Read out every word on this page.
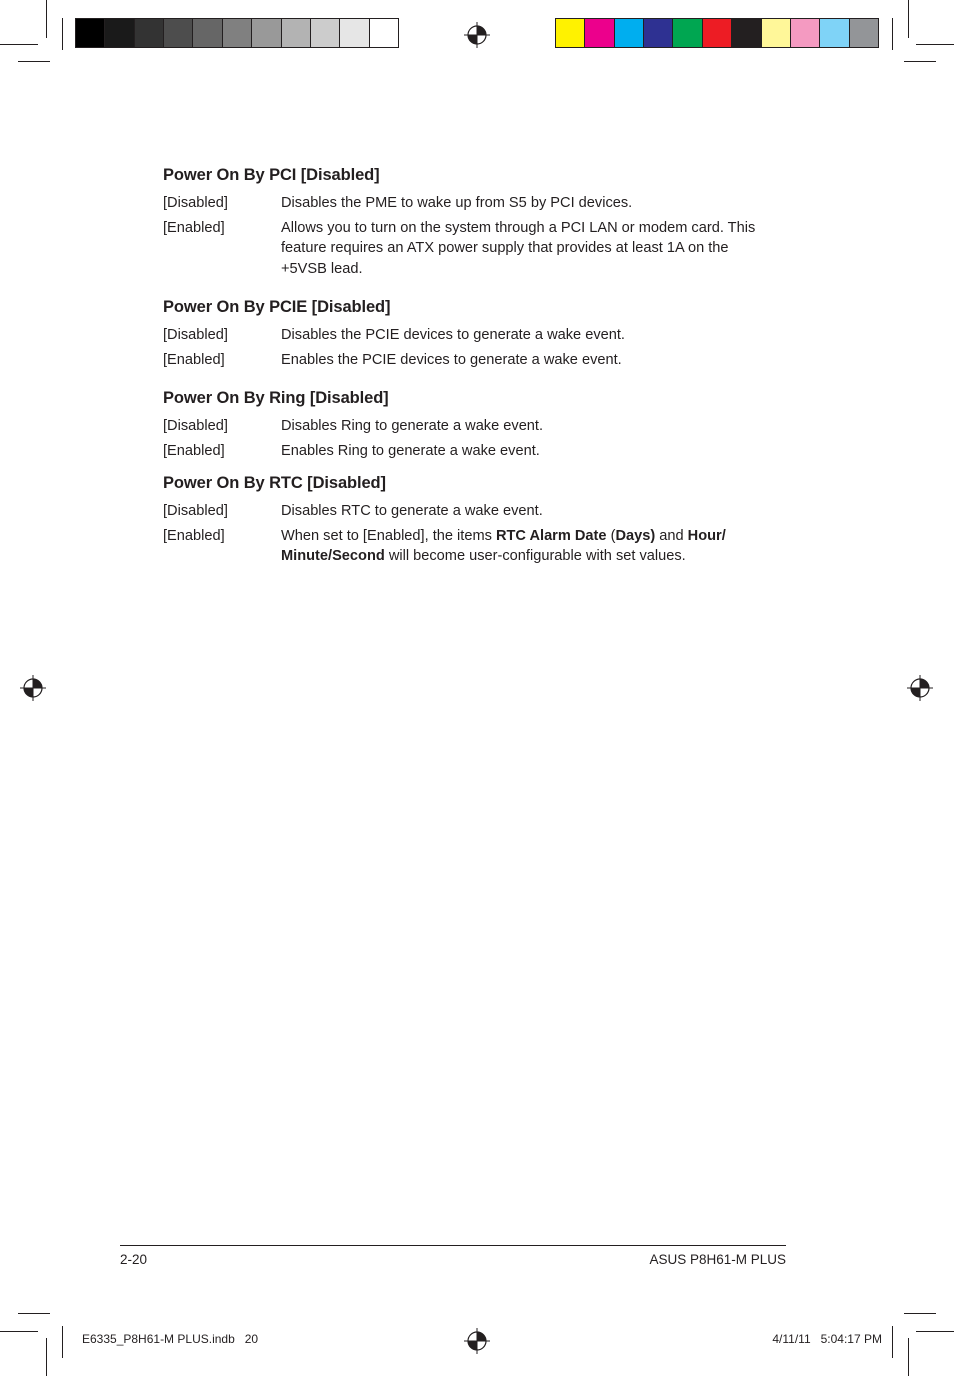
Power On By PCI [Disabled]
[Disabled]	Disables the PME to wake up from S5 by PCI devices.
[Enabled]	Allows you to turn on the system through a PCI LAN or modem card. This feature requires an ATX power supply that provides at least 1A on the +5VSB lead.
Power On By PCIE [Disabled]
[Disabled]	Disables the PCIE devices to generate a wake event.
[Enabled]	Enables the PCIE devices to generate a wake event.
Power On By Ring [Disabled]
[Disabled]	Disables Ring to generate a wake event.
[Enabled]	Enables Ring to generate a wake event.
Power On By RTC [Disabled]
[Disabled]	Disables RTC to generate a wake event.
[Enabled]	When set to [Enabled], the items RTC Alarm Date (Days) and Hour/ Minute/Second will become user-configurable with set values.
2-20	ASUS P8H61-M PLUS
E6335_P8H61-M PLUS.indb   20	4/11/11   5:04:17 PM
